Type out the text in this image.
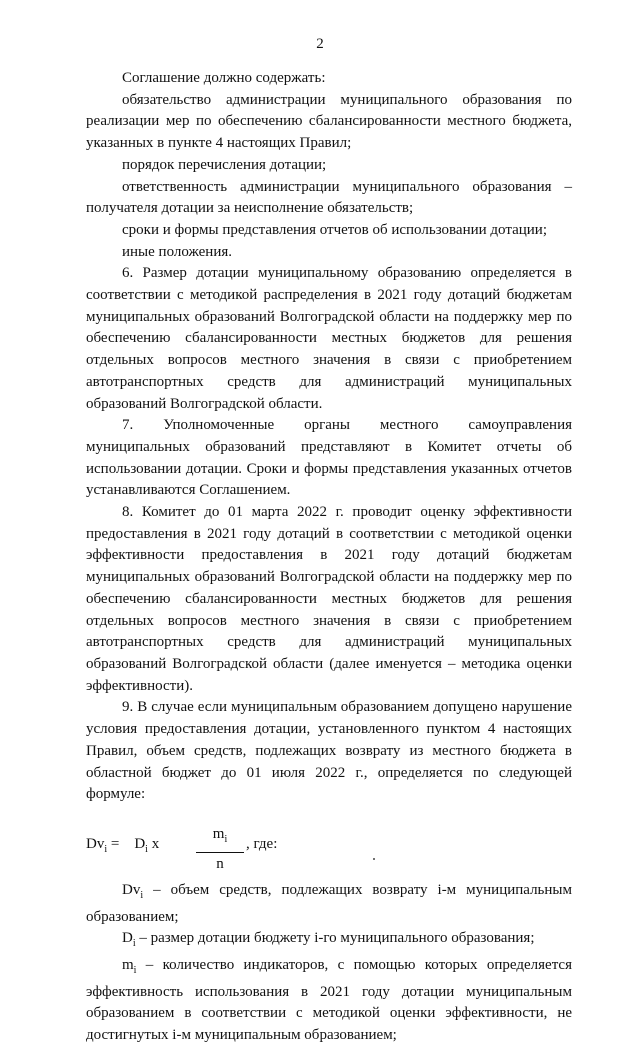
2

Соглашение должно содержать:

обязательство администрации муниципального образования по реализации мер по обеспечению сбалансированности местного бюджета, указанных в пункте 4 настоящих Правил;

порядок перечисления дотации;

ответственность администрации муниципального образования – получателя дотации за неисполнение обязательств;

сроки и формы представления отчетов об использовании дотации;

иные положения.

6. Размер дотации муниципальному образованию определяется в соответствии с методикой распределения в 2021 году дотаций бюджетам муниципальных образований Волгоградской области на поддержку мер по обеспечению сбалансированности местных бюджетов для решения отдельных вопросов местного значения в связи с приобретением автотранспортных средств для администраций муниципальных образований Волгоградской области.

7. Уполномоченные органы местного самоуправления муниципальных образований представляют в Комитет отчеты об использовании дотации. Сроки и формы представления указанных отчетов устанавливаются Соглашением.

8. Комитет до 01 марта 2022 г. проводит оценку эффективности предоставления в 2021 году дотаций в соответствии с методикой оценки эффективности предоставления в 2021 году дотаций бюджетам муниципальных образований Волгоградской области на поддержку мер по обеспечению сбалансированности местных бюджетов для решения отдельных вопросов местного значения в связи с приобретением автотранспортных средств для администраций муниципальных образований Волгоградской области (далее именуется – методика оценки эффективности).

9. В случае если муниципальным образованием допущено нарушение условия предоставления дотации, установленного пунктом 4 настоящих Правил, объем средств, подлежащих возврату из местного бюджета в областной бюджет до 01 июля 2022 г., определяется по следующей формуле:

$Dv_i$ =    $D_i$ x $\frac{m_i}{n}$ , где:

$Dv_i$ – объем средств, подлежащих возврату i-м муниципальным образованием;

$D_i$ – размер дотации бюджету i-го муниципального образования;

$m_i$ – количество индикаторов, с помощью которых определяется эффективность использования в 2021 году дотации муниципальным образованием в соответствии с методикой оценки эффективности, не достигнутых i-м муниципальным образованием;
